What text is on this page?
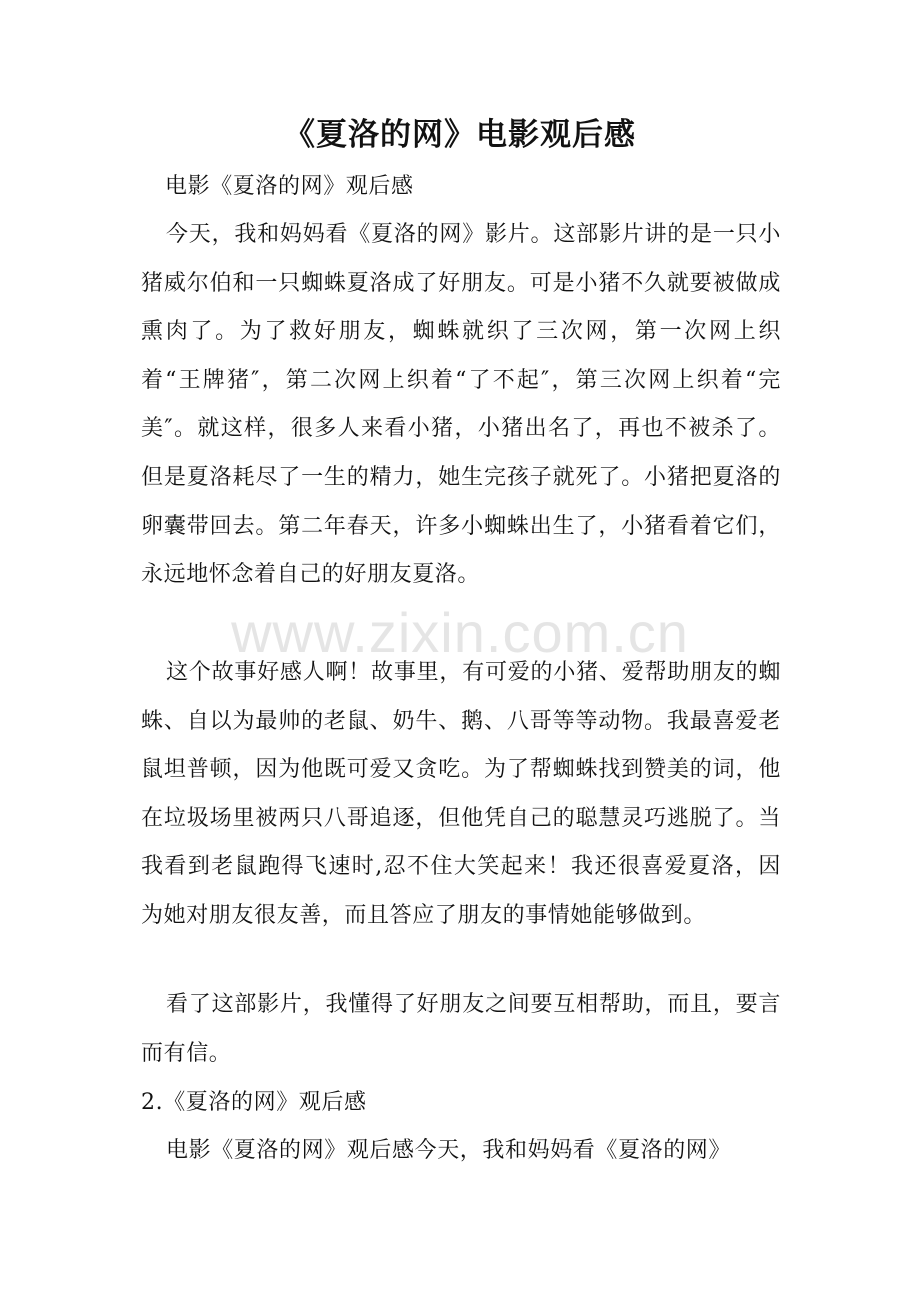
《夏洛的网》电影观后感

电影《夏洛的网》观后感

今天，我和妈妈看《夏洛的网》影片。这部影片讲的是一只小猪威尔伯和一只蜘蛛夏洛成了好朋友。可是小猪不久就要被做成熏肉了。为了救好朋友，蜘蛛就织了三次网，第一次网上织着“王牌猪″，第二次网上织着“了不起″，第三次网上织着“完美″。就这样，很多人来看小猪，小猪出名了，再也不被杀了。但是夏洛耗尽了一生的精力，她生完孩子就死了。小猪把夏洛的卵囊带回去。第二年春天，许多小蜘蛛出生了，小猪看着它们，永远地怀念着自己的好朋友夏洛。

这个故事好感人啊！故事里，有可爱的小猪、爱帮助朋友的蜘蛛、自以为最帅的老鼠、奶牛、鹅、八哥等等动物。我最喜爱老鼠坦普顿，因为他既可爱又贪吃。为了帮蜘蛛找到赞美的词，他在垃圾场里被两只八哥追逐，但他凭自己的聪慧灵巧逃脱了。当我看到老鼠跑得飞速时,忍不住大笑起来！我还很喜爱夏洛，因为她对朋友很友善，而且答应了朋友的事情她能够做到。

看了这部影片，我懂得了好朋友之间要互相帮助，而且，要言而有信。

2.《夏洛的网》观后感

电影《夏洛的网》观后感今天，我和妈妈看《夏洛的网》

www.zixin.com.cn
